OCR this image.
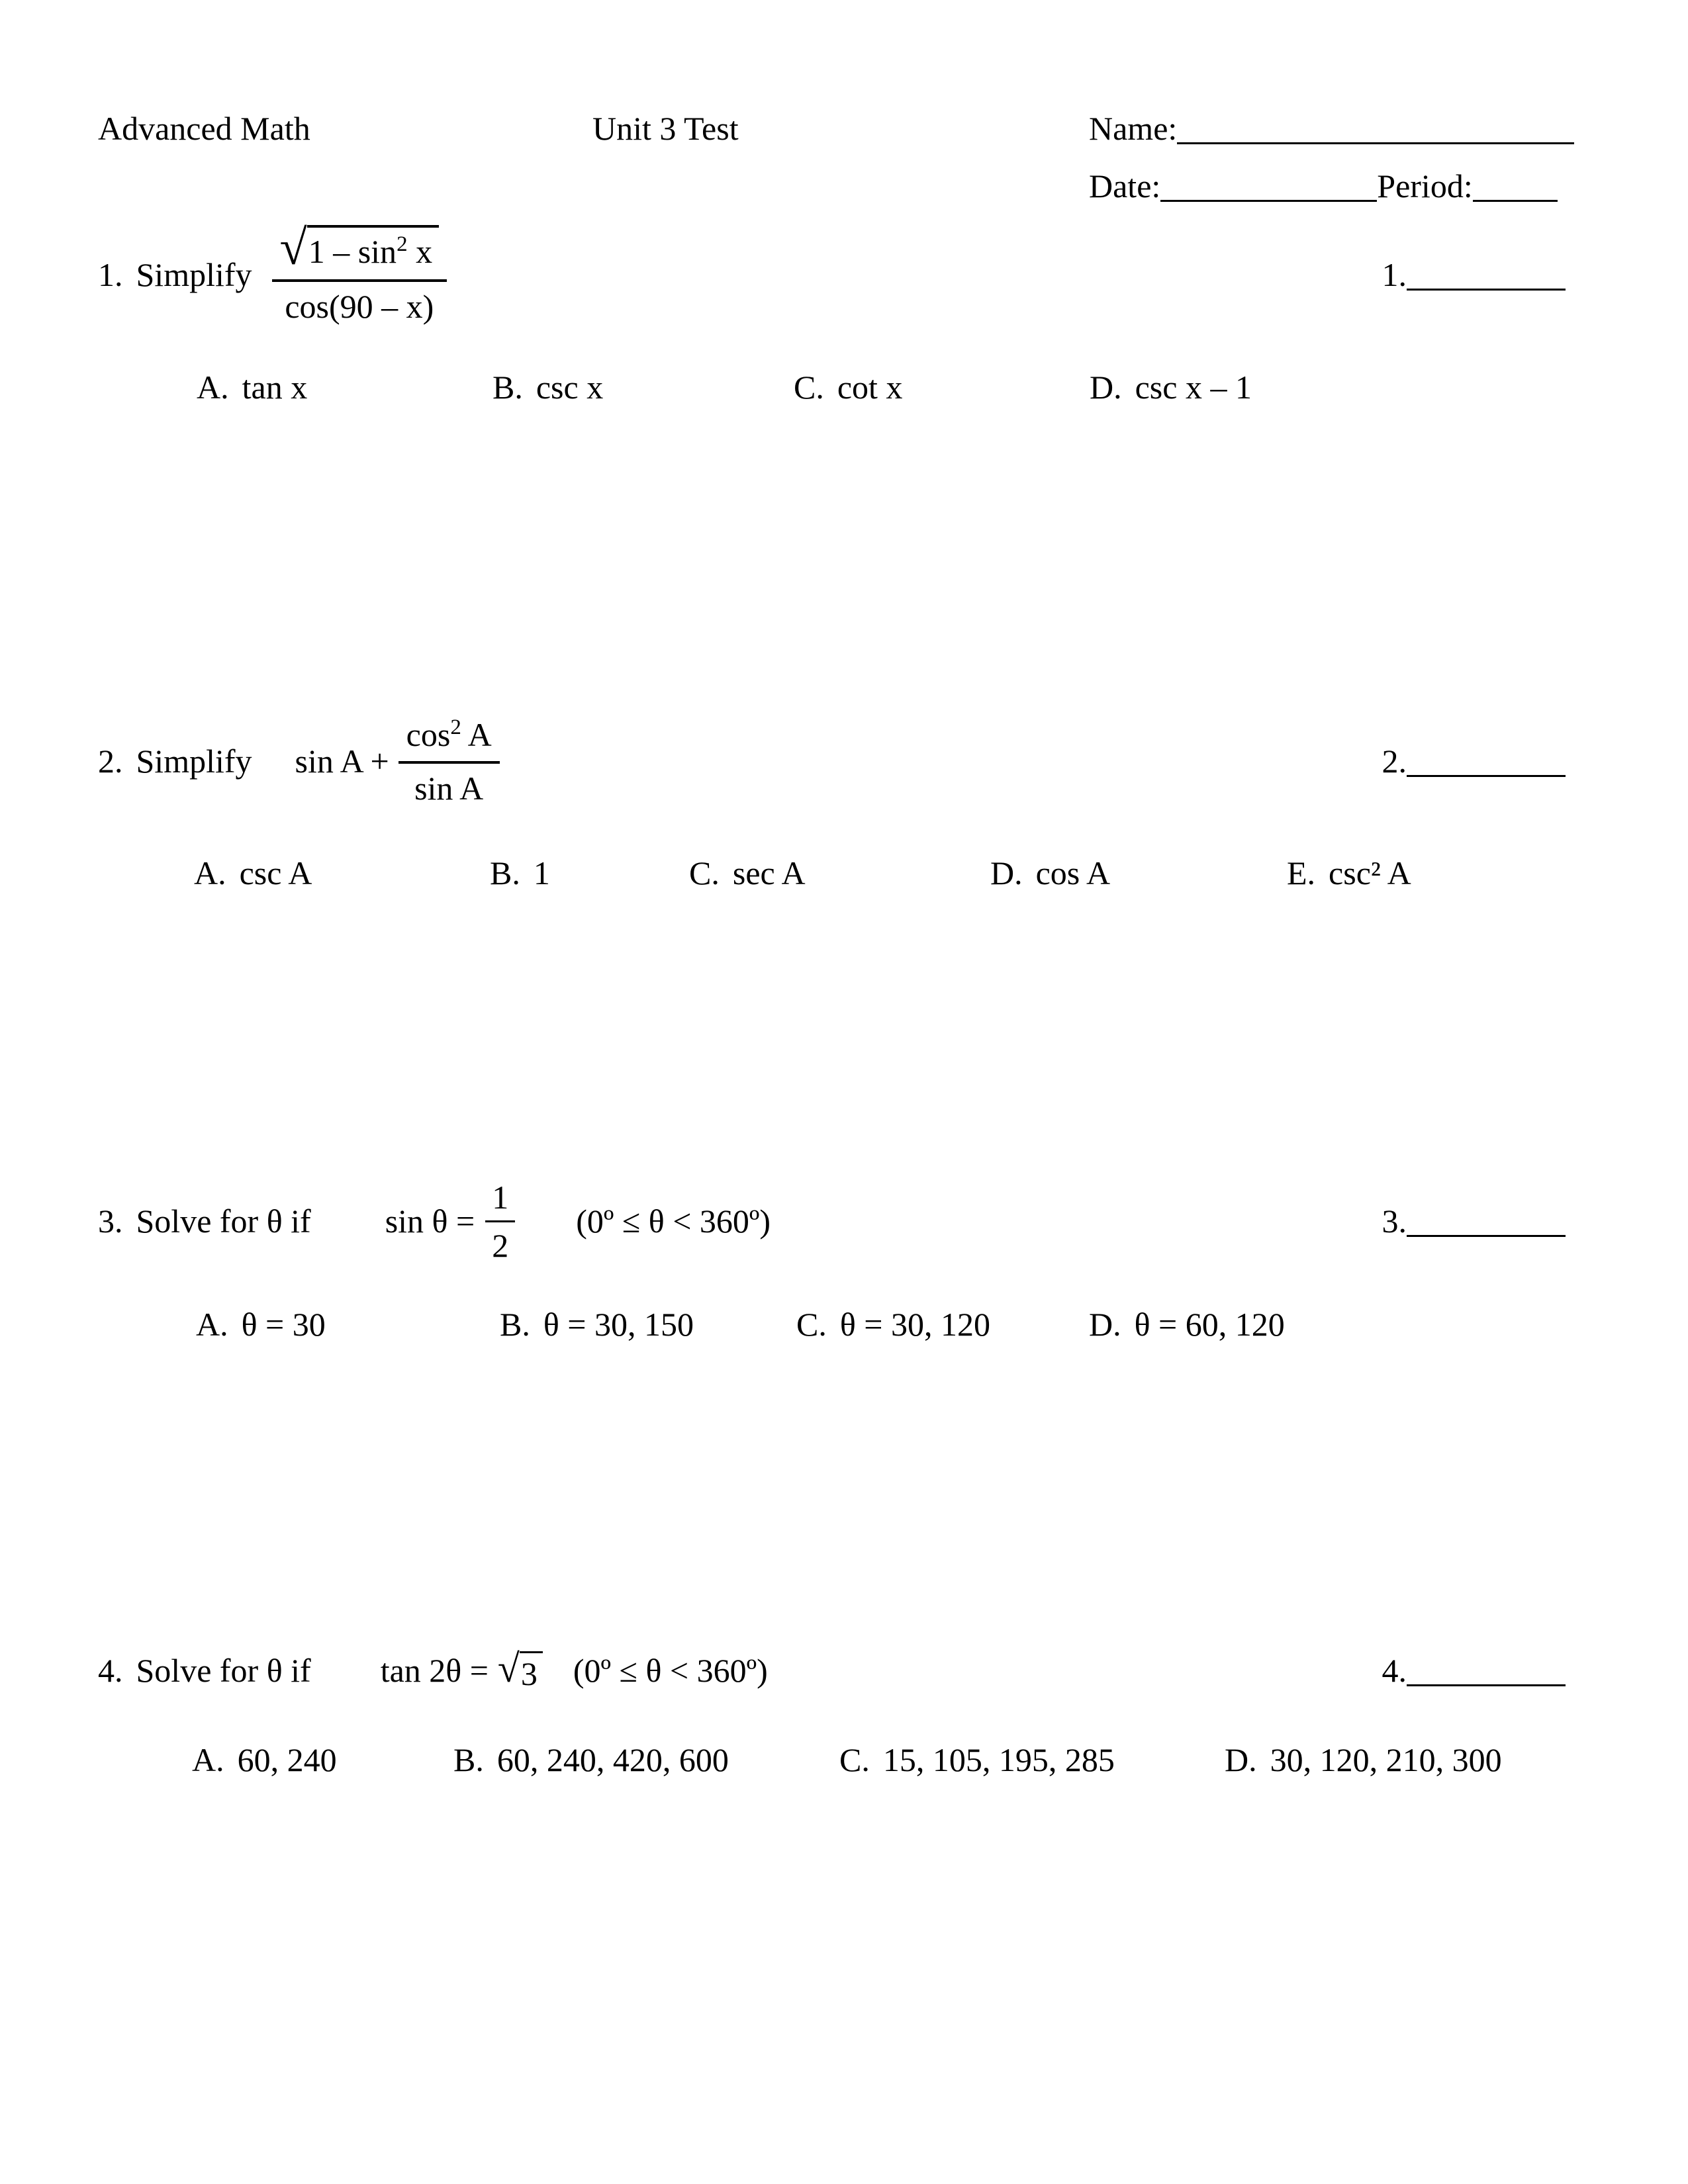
Advanced Math	Unit 3 Test	Name:
Date:	Period:
1. Simplify $\frac{√ 1 - \sin^2 x}{\cos(90 - x)}$	1.
A. tan x	B. csc x	C. cot x	D. csc x – 1
2. Simplify $\sin A + \frac{\cos^2 A}{\text{sin A}}$	2.
A. csc A	B. 1	C. sec A	D. cos A	E. csc² A
3. Solve for θ if $\sin \theta = \frac{1}{2}$ (0º ≤ θ < 360º)	3.
A. θ = 30	B. θ = 30, 150	C. θ = 30, 120	D. θ = 60, 120
4. Solve for θ if tan 2θ = √ 3 (0º ≤ θ < 360º)	4.
A. 60, 240	B. 60, 240, 420, 600	C. 15, 105, 195, 285	D. 30, 120, 210, 300
